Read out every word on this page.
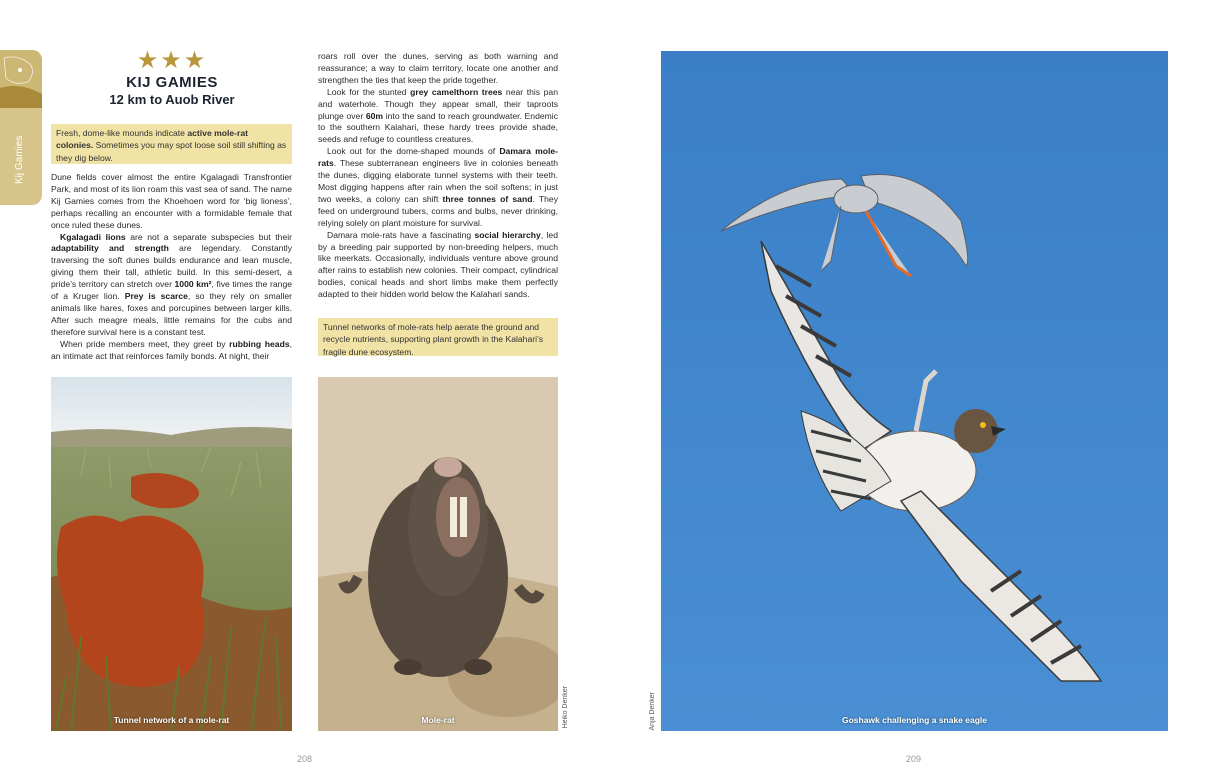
Kij Gamies
★★★
KIJ GAMIES
12 km to Auob River
Fresh, dome-like mounds indicate active mole-rat colonies. Sometimes you may spot loose soil still shifting as they dig below.

Dune fields cover almost the entire Kgalagadi Transfrontier Park, and most of its lion roam this vast sea of sand. The name Kij Gamies comes from the Khoehoen word for ‘big lioness’, perhaps recalling an encounter with a formidable female that once ruled these dunes.

Kgalagadi lions are not a separate subspecies but their adaptability and strength are legendary. Constantly traversing the soft dunes builds endurance and lean muscle, giving them their tall, athletic build. In this semi-desert, a pride’s territory can stretch over 1000 km², five times the range of a Kruger lion. Prey is scarce, so they rely on smaller animals like hares, foxes and porcupines between larger kills. After such meagre meals, little remains for the cubs and therefore survival here is a constant test.

When pride members meet, they greet by rubbing heads, an intimate act that reinforces family bonds. At night, their

roars roll over the dunes, serving as both warning and reassurance; a way to claim territory, locate one another and strengthen the ties that keep the pride together.

Look for the stunted grey camelthorn trees near this pan and waterhole. Though they appear small, their taproots plunge over 60m into the sand to reach groundwater. Endemic to the southern Kalahari, these hardy trees provide shade, seeds and refuge to countless creatures.

Look out for the dome-shaped mounds of Damara mole-rats. These subterranean engineers live in colonies beneath the dunes, digging elaborate tunnel systems with their teeth. Most digging happens after rain when the soil softens; in just two weeks, a colony can shift three tonnes of sand. They feed on underground tubers, corms and bulbs, never drinking, relying solely on plant moisture for survival.

Damara mole-rats have a fascinating social hierarchy, led by a breeding pair supported by non-breeding helpers, much like meerkats. Occasionally, individuals venture above ground after rains to establish new colonies. Their compact, cylindrical bodies, conical heads and short limbs make them perfectly adapted to their hidden world below the Kalahari sands.

Tunnel networks of mole-rats help aerate the ground and recycle nutrients, supporting plant growth in the Kalahari’s fragile dune ecosystem.
Tunnel network of a mole-rat	Mole-rat	Heiko Denker	Goshawk challenging a snake eagle
Anja Denker
208	209
